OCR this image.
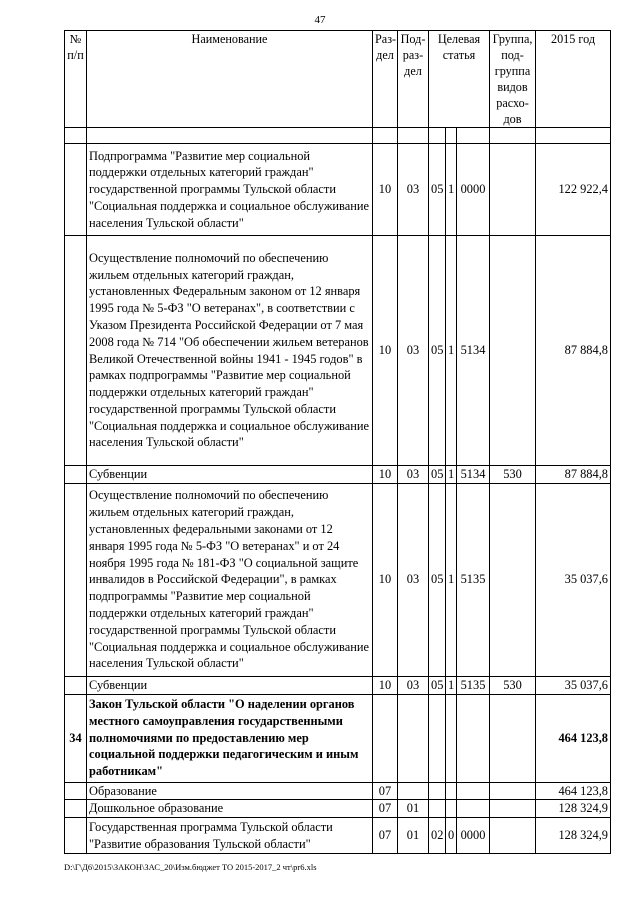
47
№ п/п	Наименование	Раз-дел	Под-раз-дел	Целевая статья			Группа, под-группа видов расхо-дов	2015 год

	Подпрограмма "Развитие мер социальной поддержки отдельных категорий граждан" государственной программы Тульской области "Социальная поддержка и социальное обслуживание населения Тульской области"	10	03	05	1	0000		122 922,4
	Осуществление полномочий по обеспечению жильем отдельных категорий граждан, установленных Федеральным законом от 12 января 1995 года № 5-ФЗ "О ветеранах", в соответствии с Указом Президента Российской Федерации от 7 мая 2008 года № 714 "Об обеспечении жильем ветеранов Великой Отечественной войны 1941 - 1945 годов" в рамках подпрограммы "Развитие мер социальной поддержки отдельных категорий граждан" государственной программы Тульской области "Социальная поддержка и социальное обслуживание населения Тульской области"	10	03	05	1	5134		87 884,8
	Субвенции	10	03	05	1	5134	530	87 884,8
	Осуществление полномочий по обеспечению жильем отдельных категорий граждан, установленных федеральными законами от 12 января 1995 года № 5-ФЗ "О ветеранах" и от 24 ноября 1995 года № 181-ФЗ "О социальной защите инвалидов в Российской Федерации", в рамках подпрограммы "Развитие мер социальной поддержки отдельных категорий граждан" государственной программы Тульской области "Социальная поддержка и социальное обслуживание населения Тульской области"	10	03	05	1	5135		35 037,6
	Субвенции	10	03	05	1	5135	530	35 037,6
34	Закон Тульской области "О наделении органов местного самоуправления государственными полномочиями по предоставлению мер социальной поддержки педагогическим и иным работникам"							464 123,8
	Образование	07						464 123,8
	Дошкольное образование	07	01					128 324,9
	Государственная программа Тульской области "Развитие образования Тульской области"	07	01	02	0	0000		128 324,9
D:\Г\Д6\2015\ЗАКОН\ЗАС_20\Изм.бюджет ТО 2015-2017_2 чт\pr6.xls
